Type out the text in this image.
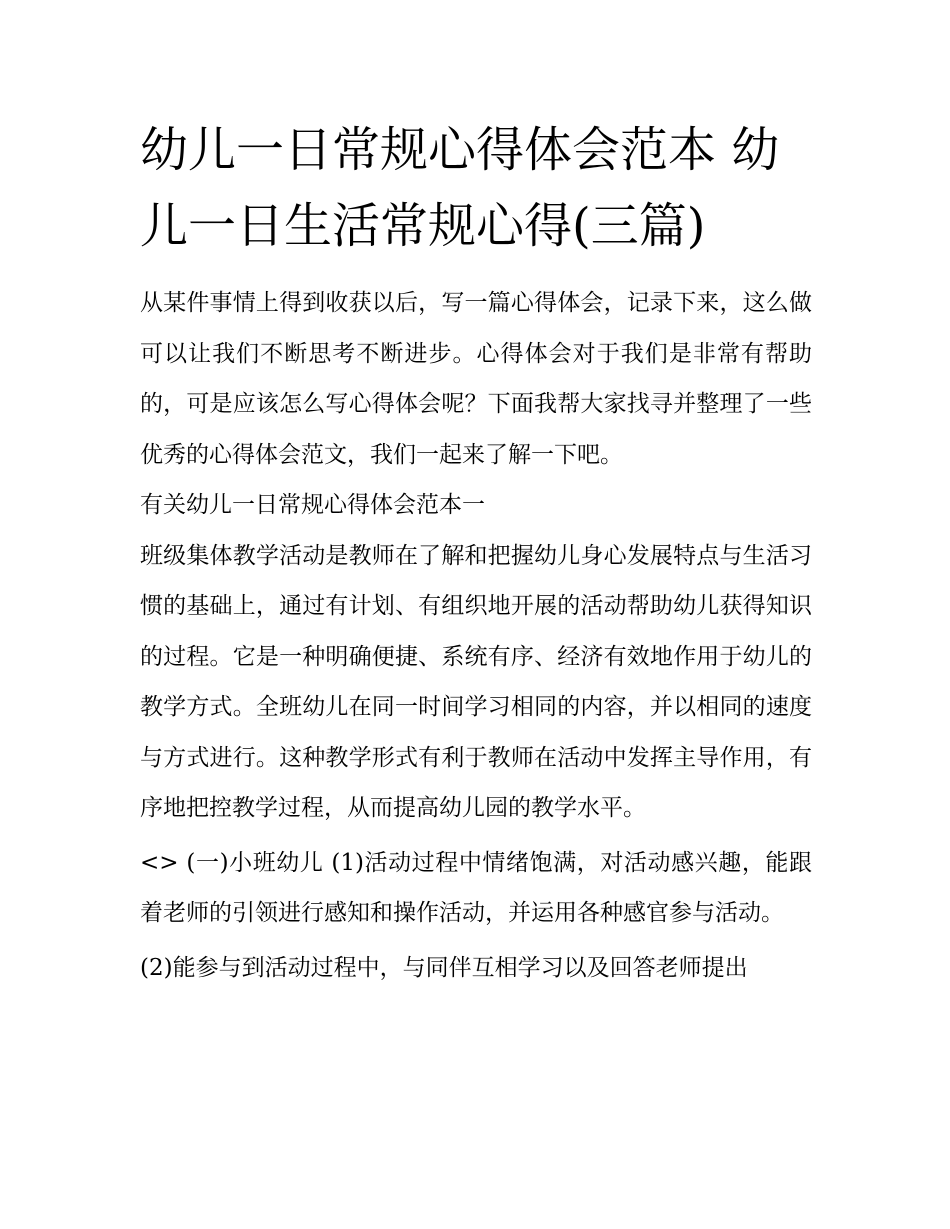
幼儿一日常规心得体会范本 幼儿一日生活常规心得(三篇)

从某件事情上得到收获以后，写一篇心得体会，记录下来，这么做可以让我们不断思考不断进步。心得体会对于我们是非常有帮助的，可是应该怎么写心得体会呢？下面我帮大家找寻并整理了一些优秀的心得体会范文，我们一起来了解一下吧。

有关幼儿一日常规心得体会范本一

班级集体教学活动是教师在了解和把握幼儿身心发展特点与生活习惯的基础上，通过有计划、有组织地开展的活动帮助幼儿获得知识的过程。它是一种明确便捷、系统有序、经济有效地作用于幼儿的教学方式。全班幼儿在同一时间学习相同的内容，并以相同的速度与方式进行。这种教学形式有利于教师在活动中发挥主导作用，有序地把控教学过程，从而提高幼儿园的教学水平。

<> (一)小班幼儿 (1)活动过程中情绪饱满，对活动感兴趣，能跟着老师的引领进行感知和操作活动，并运用各种感官参与活动。

(2)能参与到活动过程中，与同伴互相学习以及回答老师提出
